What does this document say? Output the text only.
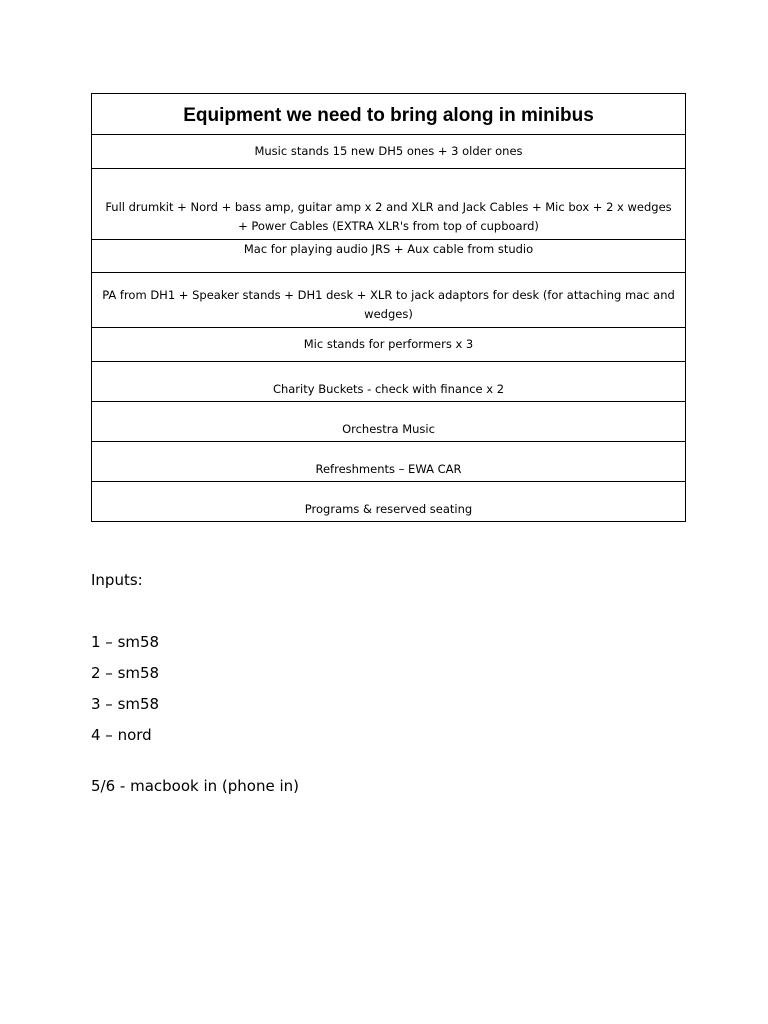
Equipment we need to bring along in minibus
Music stands 15 new DH5 ones + 3 older ones
Full drumkit + Nord + bass amp, guitar amp x 2 and XLR and Jack Cables + Mic box + 2 x wedges
+ Power Cables (EXTRA XLR's from top of cupboard)
Mac for playing audio JRS + Aux cable from studio
PA from DH1 + Speaker stands + DH1 desk + XLR to jack adaptors for desk (for attaching mac and wedges)
Mic stands for performers x 3
Charity Buckets - check with finance x 2
Orchestra Music
Refreshments – EWA CAR
Programs & reserved seating

Inputs:

1 – sm58

2 – sm58

3 – sm58

4 – nord

5/6 - macbook in (phone in)
